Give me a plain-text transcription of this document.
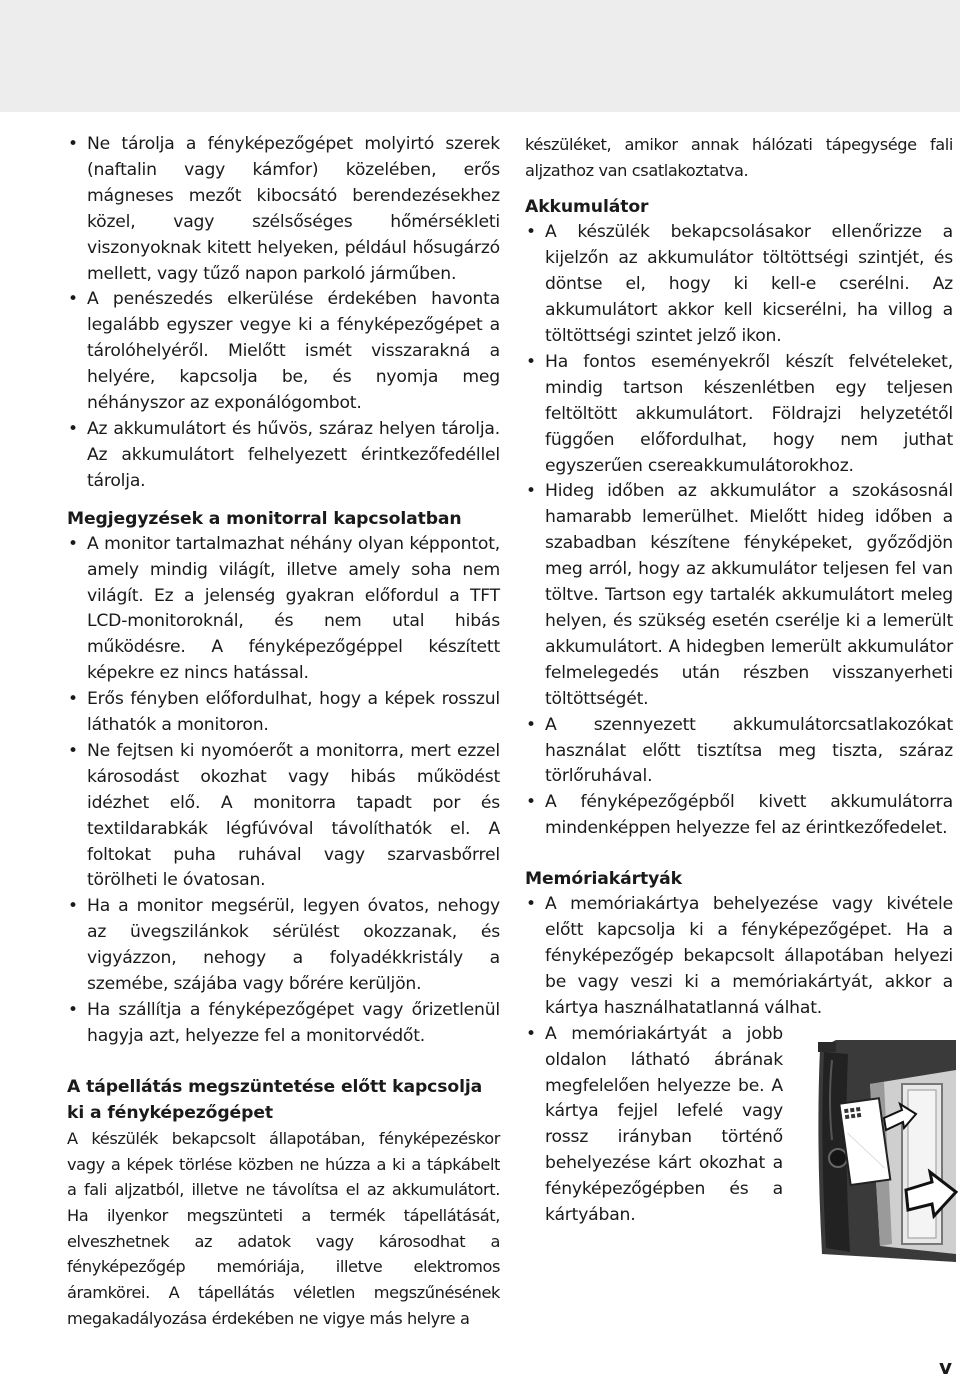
• Ne tárolja a fényképezőgépet molyirtó szerek (naftalin vagy kámfor) közelében, erős mágneses mezőt kibocsátó berendezésekhez közel, vagy szélsőséges hőmérsékleti viszonyoknak kitett helyeken, például hősugárzó mellett, vagy tűző napon parkoló járműben.
• A penészedés elkerülése érdekében havonta legalább egyszer vegye ki a fényképezőgépet a tárolóhelyéről. Mielőtt ismét visszarakná a helyére, kapcsolja be, és nyomja meg néhányszor az exponálógombot.
• Az akkumulátort és hűvös, száraz helyen tárolja. Az akkumulátort felhelyezett érintkezőfedéllel tárolja.
Megjegyzések a monitorral kapcsolatban
• A monitor tartalmazhat néhány olyan képpontot, amely mindig világít, illetve amely soha nem világít. Ez a jelenség gyakran előfordul a TFT LCD-monitoroknál, és nem utal hibás működésre. A fényképezőgéppel készített képekre ez nincs hatással.
• Erős fényben előfordulhat, hogy a képek rosszul láthatók a monitoron.
• Ne fejtsen ki nyomóerőt a monitorra, mert ezzel károsodást okozhat vagy hibás működést idézhet elő. A monitorra tapadt por és textildarabkák légfúvóval távolíthatók el. A foltokat puha ruhával vagy szarvasbőrrel törölheti le óvatosan.
• Ha a monitor megsérül, legyen óvatos, nehogy az üvegszilánkok sérülést okozzanak, és vigyázzon, nehogy a folyadékkristály a szemébe, szájába vagy bőrére kerüljön.
• Ha szállítja a fényképezőgépet vagy őrizetlenül hagyja azt, helyezze fel a monitorvédőt.
A tápellátás megszüntetése előtt kapcsolja ki a fényképezőgépet

A készülék bekapcsolt állapotában, fényképezéskor vagy a képek törlése közben ne húzza a ki a tápkábelt a fali aljzatból, illetve ne távolítsa el az akkumulátort. Ha ilyenkor megszünteti a termék tápellátását, elveszhetnek az adatok vagy károsodhat a fényképezőgép memóriája, illetve elektromos áramkörei. A tápellátás véletlen megszűnésének megakadályozása érdekében ne vigye más helyre a

készüléket, amikor annak hálózati tápegysége fali aljzathoz van csatlakoztatva.

Akkumulátor
• A készülék bekapcsolásakor ellenőrizze a kijelzőn az akkumulátor töltöttségi szintjét, és döntse el, hogy ki kell-e cserélni. Az akkumulátort akkor kell kicserélni, ha villog a töltöttségi szintet jelző ikon.
• Ha fontos eseményekről készít felvételeket, mindig tartson készenlétben egy teljesen feltöltött akkumulátort. Földrajzi helyzetétől függően előfordulhat, hogy nem juthat egyszerűen csereakkumulátorokhoz.
• Hideg időben az akkumulátor a szokásosnál hamarabb lemerülhet. Mielőtt hideg időben a szabadban készítene fényképeket, győződjön meg arról, hogy az akkumulátor teljesen fel van töltve. Tartson egy tartalék akkumulátort meleg helyen, és szükség esetén cserélje ki a lemerült akkumulátort. A hidegben lemerült akkumulátor felmelegedés után részben visszanyerheti töltöttségét.
• A szennyezett akkumulátorcsatlakozókat használat előtt tisztítsa meg tiszta, száraz törlőruhával.
• A fényképezőgépből kivett akkumulátorra mindenképpen helyezze fel az érintkezőfedelet.
Memóriakártyák
• A memóriakártya behelyezése vagy kivétele előtt kapcsolja ki a fényképezőgépet. Ha a fényképezőgép bekapcsolt állapotában helyezi be vagy veszi ki a memóriakártyát, akkor a kártya használhatatlanná válhat.
• A memóriakártyát a jobb oldalon látható ábrának megfelelően helyezze be. A kártya fejjel lefelé vagy rossz irányban történő behelyezése kárt okozhat a fényképezőgépben és a kártyában.
v
